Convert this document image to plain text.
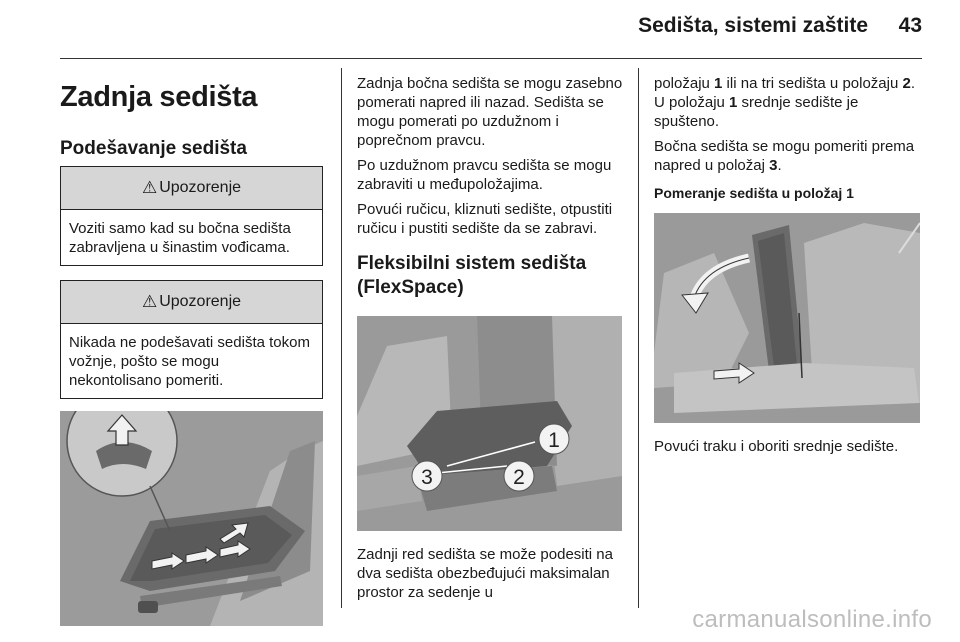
Sedišta, sistemi zaštite 43
Zadnja sedišta
Podešavanje sedišta
⚠ Upozorenje
Voziti samo kad su bočna sedišta zabravljena u šinastim vođicama.
⚠ Upozorenje
Nikada ne podešavati sedišta tokom vožnje, pošto se mogu nekontolisano pomeriti.

Zadnja bočna sedišta se mogu zasebno pomerati napred ili nazad. Sedišta se mogu pomerati po uzdužnom i poprečnom pravcu.

Po uzdužnom pravcu sedišta se mogu zabraviti u međupoložajima.

Povući ručicu, kliznuti sedište, otpustiti ručicu i pustiti sedište da se zabravi.

Fleksibilni sistem sedišta (FlexSpace)
1
2
3

Zadnji red sedišta se može podesiti na dva sedišta obezbeđujući maksimalan prostor za sedenje u

položaju 1 ili na tri sedišta u položaju 2. U položaju 1 srednje sedište je spušteno.

Bočna sedišta se mogu pomeriti prema napred u položaj 3.

Pomeranje sedišta u položaj 1

Povući traku i oboriti srednje sedište.

carmanualsonline.info
